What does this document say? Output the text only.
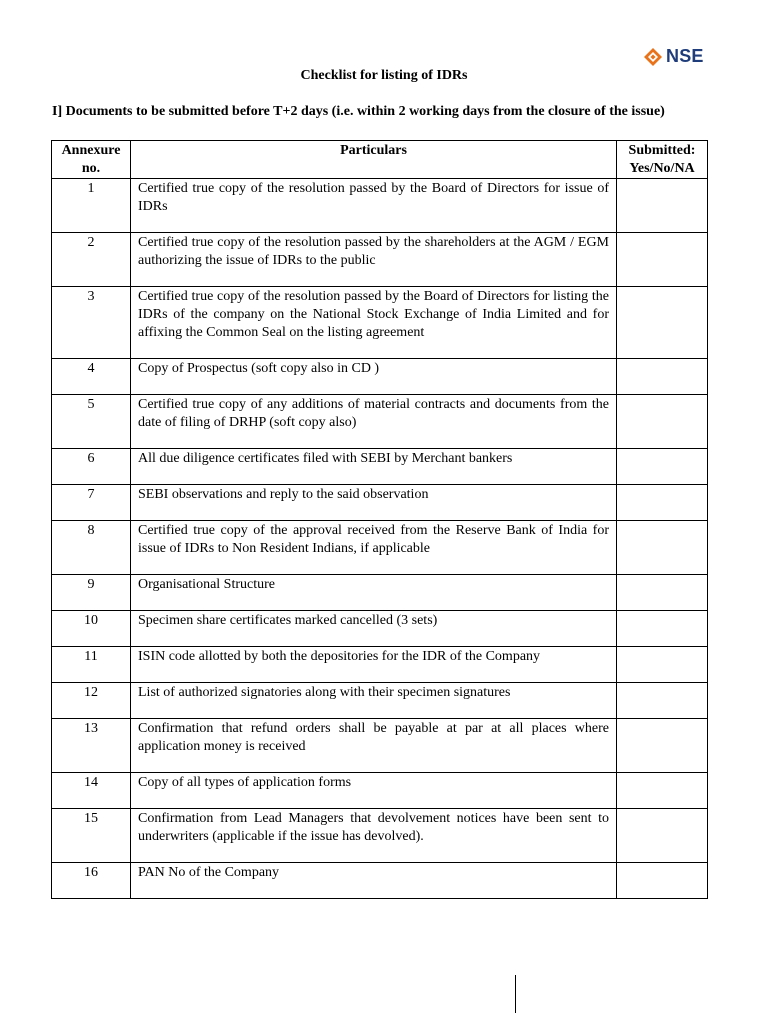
NSE
Checklist for listing of IDRs
I] Documents to be submitted before T+2 days (i.e. within 2 working days from the closure of the issue)
Annexure no.	Particulars	Submitted: Yes/No/NA
1	Certified true copy of the resolution passed by the Board of Directors for issue of IDRs	
2	Certified true copy of the resolution passed by the shareholders at the AGM / EGM authorizing the issue of IDRs to the public	
3	Certified true copy of the resolution passed by the Board of Directors for listing the IDRs of the company on the National Stock Exchange of India Limited and for affixing the Common Seal on the listing agreement	
4	Copy of Prospectus (soft copy also in CD )	
5	Certified true copy of any additions of material contracts and documents from the date of filing of DRHP (soft copy also)	
6	All due diligence certificates filed with SEBI by Merchant bankers	
7	SEBI observations and reply to the said observation	
8	Certified true copy of the approval received from the Reserve Bank of India for issue of IDRs to Non Resident Indians, if applicable	
9	Organisational Structure	
10	Specimen share certificates marked cancelled (3 sets)	
11	ISIN code allotted by both the depositories for the IDR of the Company	
12	List of authorized signatories along with their specimen signatures	
13	Confirmation that refund orders shall be payable at par at all places where application money is received	
14	Copy of all types of application forms	
15	Confirmation from Lead Managers that devolvement notices have been sent to underwriters (applicable if the issue has devolved).	
16	PAN No of the Company	
